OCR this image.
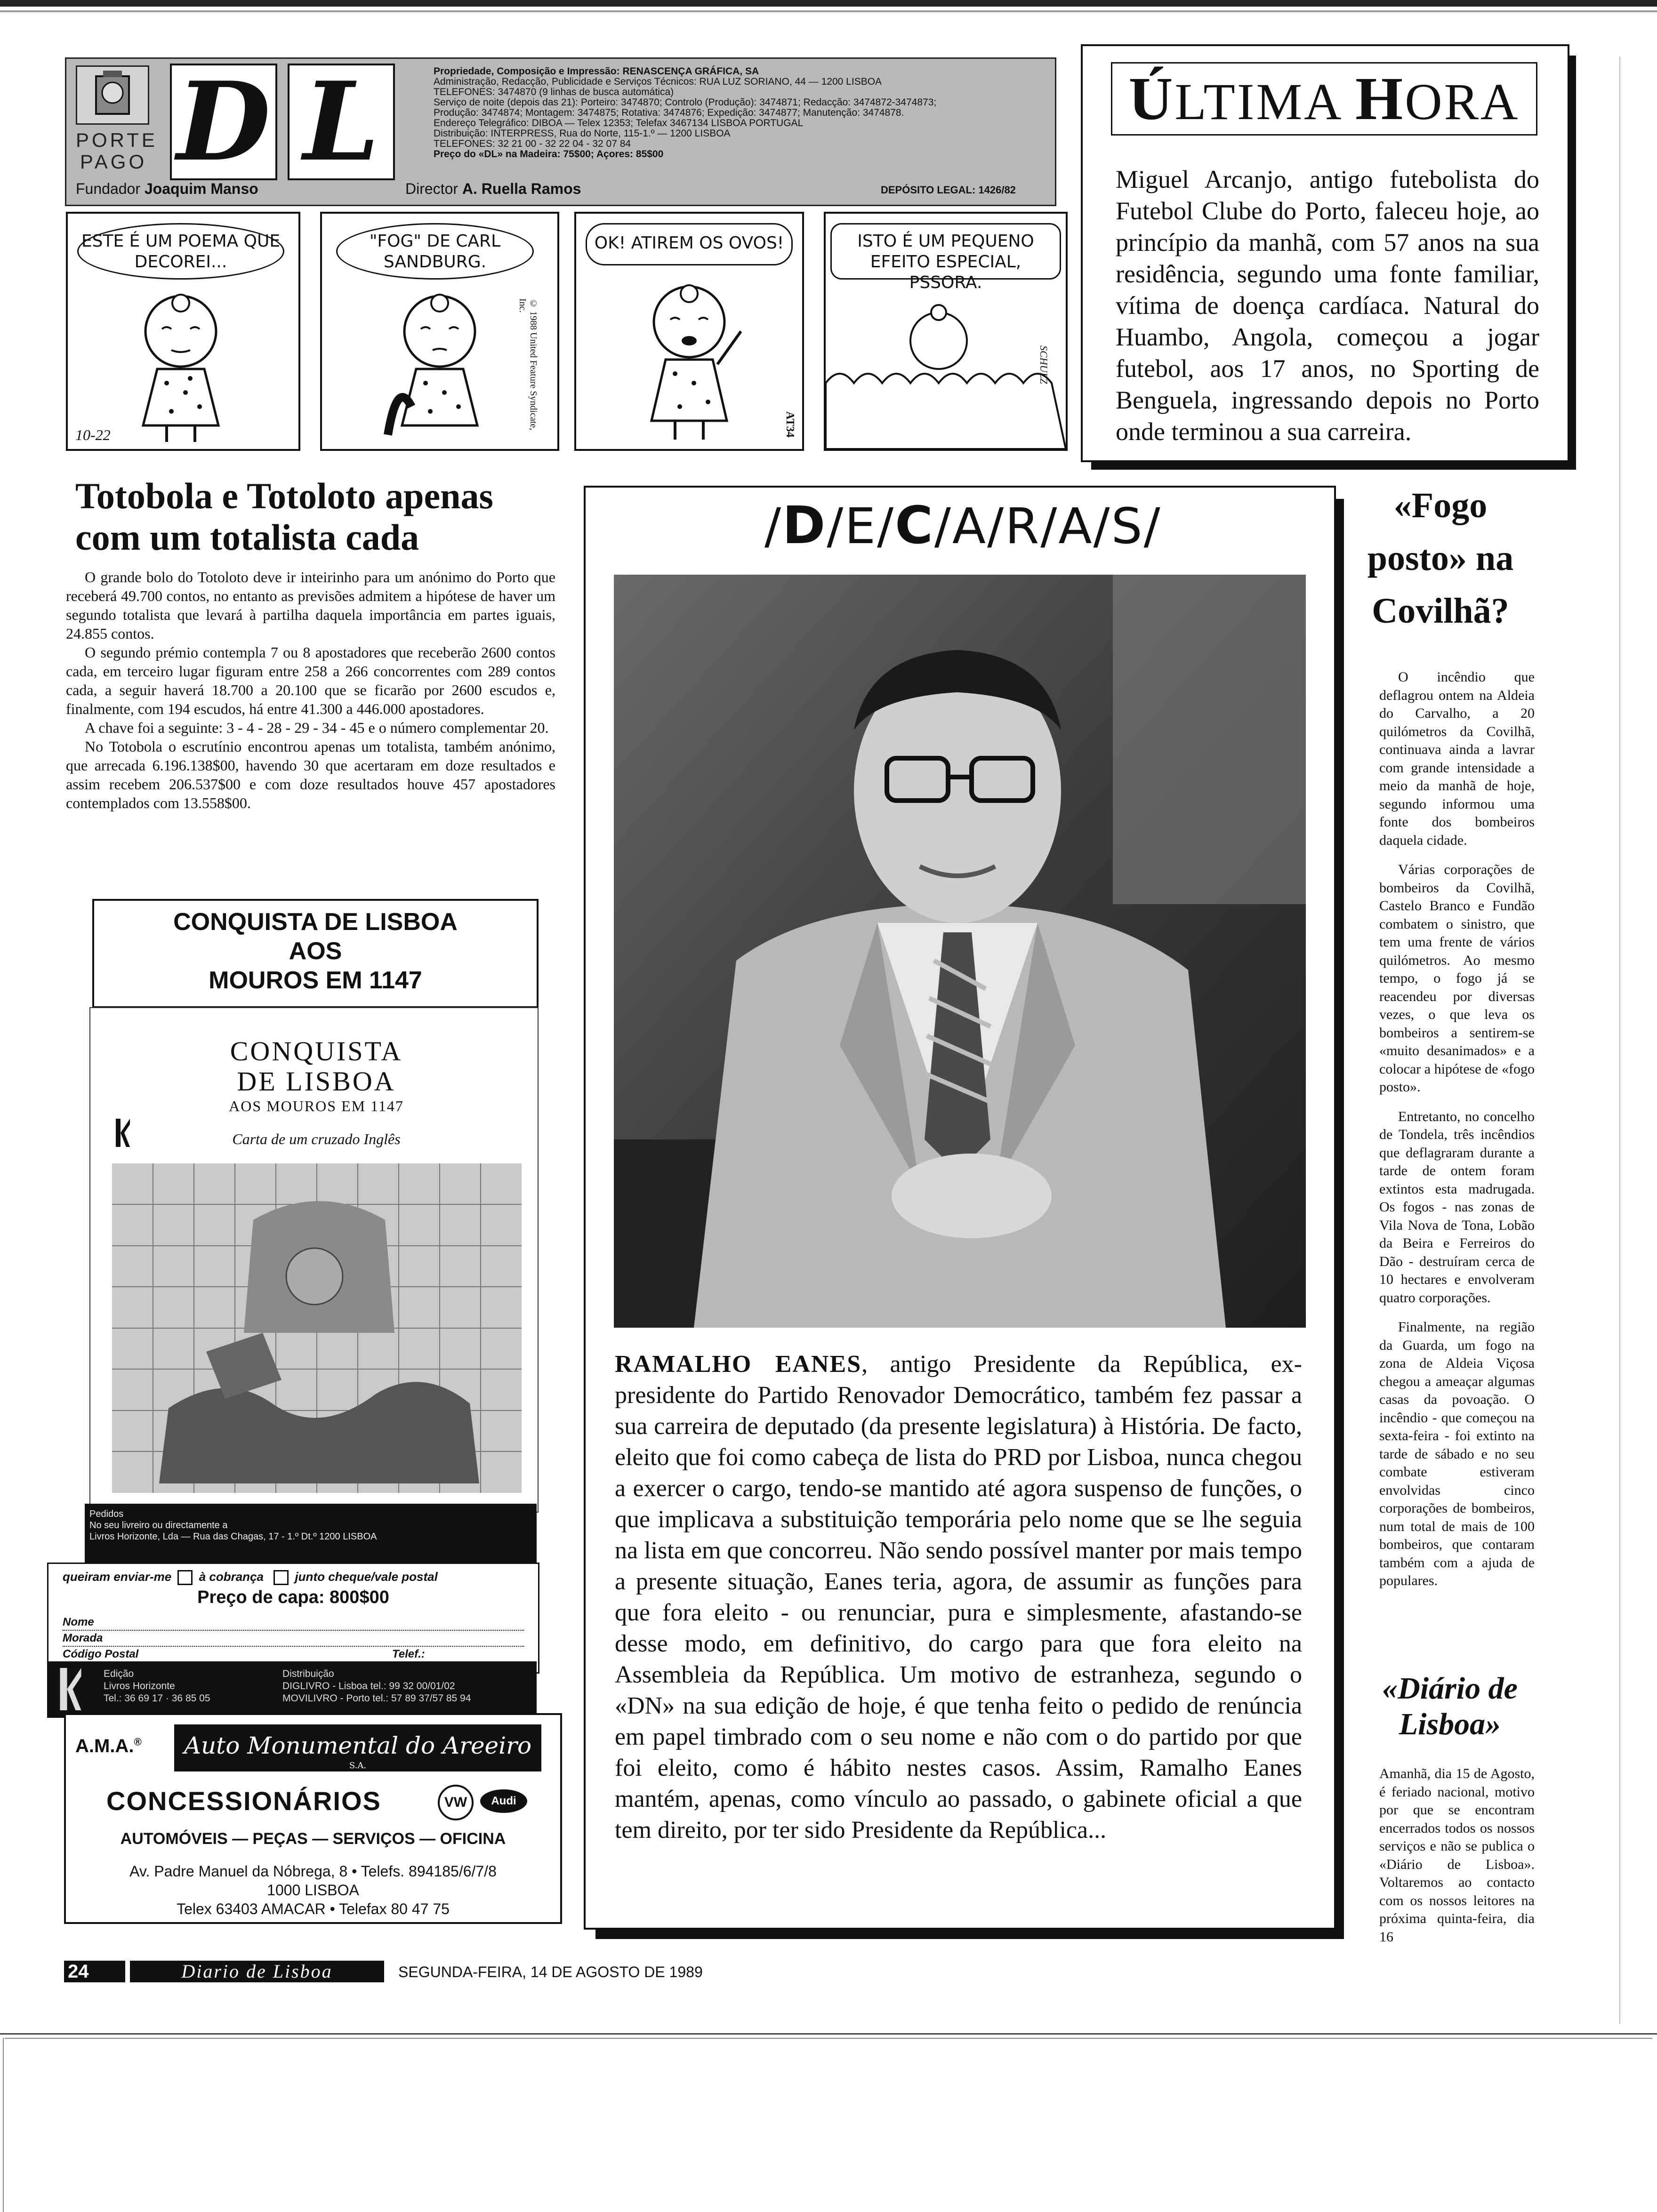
PORTE PAGO D L	Propriedade, Composição e Impressão: RENASCENÇA GRÁFICA, SA
Administração, Redacção, Publicidade e Serviços Técnicos: RUA LUZ SORIANO, 44 — 1200 LISBOA
TELEFONES: 3474870 (9 linhas de busca automática)
Serviço de noite (depois das 21): Porteiro: 3474870; Controlo (Produção): 3474871; Redacção: 3474872-3474873;
Produção: 3474874; Montagem: 3474875; Rotativa: 3474876; Expedição: 3474877; Manutenção: 3474878.
Endereço Telegráfico: DIBOA — Telex 12353; Telefax 3467134 LISBOA PORTUGAL
Distribuição: INTERPRESS, Rua do Norte, 115-1.º — 1200 LISBOA
TELEFONES: 32 21 00 - 32 22 04 - 32 07 84
Preço do «DL» na Madeira: 75$00; Açores: 85$00
Fundador Joaquim Manso	Director A. Ruella Ramos	DEPÓSITO LEGAL: 1426/82
ESTE É UM POEMA QUE DECOREI...
10-22
"FOG" DE CARL SANDBURG.
© 1988 United Feature Syndicate, Inc.
OK! ATIREM OS OVOS!
AT34
ISTO É UM PEQUENO EFEITO ESPECIAL, PSSORA.
SCHULZ
ÚLTIMA HORA
Miguel Arcanjo, antigo futebolista do Futebol Clube do Porto, faleceu hoje, ao princípio da manhã, com 57 anos na sua residência, segundo uma fonte familiar, vítima de doença cardíaca. Natural do Huambo, Angola, começou a jogar futebol, aos 17 anos, no Sporting de Benguela, ingressando depois no Porto onde terminou a sua carreira.
Totobola e Totoloto apenas com um totalista cada

O grande bolo do Totoloto deve ir inteirinho para um anónimo do Porto que receberá 49.700 contos, no entanto as previsões admitem a hipótese de haver um segundo totalista que levará à partilha daquela importância em partes iguais, 24.855 contos.

O segundo prémio contempla 7 ou 8 apostadores que receberão 2600 contos cada, em terceiro lugar figuram entre 258 a 266 concorrentes com 289 contos cada, a seguir haverá 18.700 a 20.100 que se ficarão por 2600 escudos e, finalmente, com 194 escudos, há entre 41.300 a 446.000 apostadores.

A chave foi a seguinte: 3 - 4 - 28 - 29 - 34 - 45 e o número complementar 20.

No Totobola o escrutínio encontrou apenas um totalista, também anónimo, que arrecada 6.196.138$00, havendo 30 que acertaram em doze resultados e assim recebem 206.537$00 e com doze resultados houve 457 apostadores contemplados com 13.558$00.

CONQUISTA DE LISBOA
AOS
MOUROS EM 1147
CONQUISTA
DE LISBOA
AOS MOUROS EM 1147
Carta de um cruzado Inglês
Pedidos
No seu livreiro ou directamente a
Livros Horizonte, Lda — Rua das Chagas, 17 - 1.º Dt.º 1200 LISBOA
queiram enviar-me à cobrança	junto cheque/vale postal
Preço de capa: 800$00
Nome
Morada
Código Postal	Telef.:
Edição
Livros Horizonte
Tel.: 36 69 17 · 36 85 05
Distribuição
DIGLIVRO - Lisboa tel.: 99 32 00/01/02
MOVILIVRO - Porto tel.: 57 89 37/57 85 94
A.M.A.®	Auto Monumental do Areeiro
S.A.
CONCESSIONÁRIOS	VW	Audi
AUTOMÓVEIS — PEÇAS — SERVIÇOS — OFICINA
Av. Padre Manuel da Nóbrega, 8 • Telefs. 894185/6/7/8
1000 LISBOA
Telex 63403 AMACAR • Telefax 80 47 75
/D/E/C/A/R/A/S/
RAMALHO EANES, antigo Presidente da República, ex-presidente do Partido Renovador Democrático, também fez passar a sua carreira de deputado (da presente legislatura) à História. De facto, eleito que foi como cabeça de lista do PRD por Lisboa, nunca chegou a exercer o cargo, tendo-se mantido até agora suspenso de funções, o que implicava a substituição temporária pelo nome que se lhe seguia na lista em que concorreu. Não sendo possível manter por mais tempo a presente situação, Eanes teria, agora, de assumir as funções para que fora eleito - ou renunciar, pura e simplesmente, afastando-se desse modo, em definitivo, do cargo para que fora eleito na Assembleia da República. Um motivo de estranheza, segundo o «DN» na sua edição de hoje, é que tenha feito o pedido de renúncia em papel timbrado com o seu nome e não com o do partido por que foi eleito, como é hábito nestes casos. Assim, Ramalho Eanes mantém, apenas, como vínculo ao passado, o gabinete oficial a que tem direito, por ter sido Presidente da República...
«Fogo posto» na Covilhã?

O incêndio que deflagrou ontem na Aldeia do Carvalho, a 20 quilómetros da Covilhã, continuava ainda a lavrar com grande intensidade a meio da manhã de hoje, segundo informou uma fonte dos bombeiros daquela cidade.

Várias corporações de bombeiros da Covilhã, Castelo Branco e Fundão combatem o sinistro, que tem uma frente de vários quilómetros. Ao mesmo tempo, o fogo já se reacendeu por diversas vezes, o que leva os bombeiros a sentirem-se «muito desanimados» e a colocar a hipótese de «fogo posto».

Entretanto, no concelho de Tondela, três incêndios que deflagraram durante a tarde de ontem foram extintos esta madrugada. Os fogos - nas zonas de Vila Nova de Tona, Lobão da Beira e Ferreiros do Dão - destruíram cerca de 10 hectares e envolveram quatro corporações.

Finalmente, na região da Guarda, um fogo na zona de Aldeia Viçosa chegou a ameaçar algumas casas da povoação. O incêndio - que começou na sexta-feira - foi extinto na tarde de sábado e no seu combate estiveram envolvidas cinco corporações de bombeiros, num total de mais de 100 bombeiros, que contaram também com a ajuda de populares.

«Diário de Lisboa»

Amanhã, dia 15 de Agosto, é feriado nacional, motivo por que se encontram encerrados todos os nossos serviços e não se publica o «Diário de Lisboa». Voltaremos ao contacto com os nossos leitores na próxima quinta-feira, dia 16

24	Diario de Lisboa	SEGUNDA-FEIRA, 14 DE AGOSTO DE 1989
